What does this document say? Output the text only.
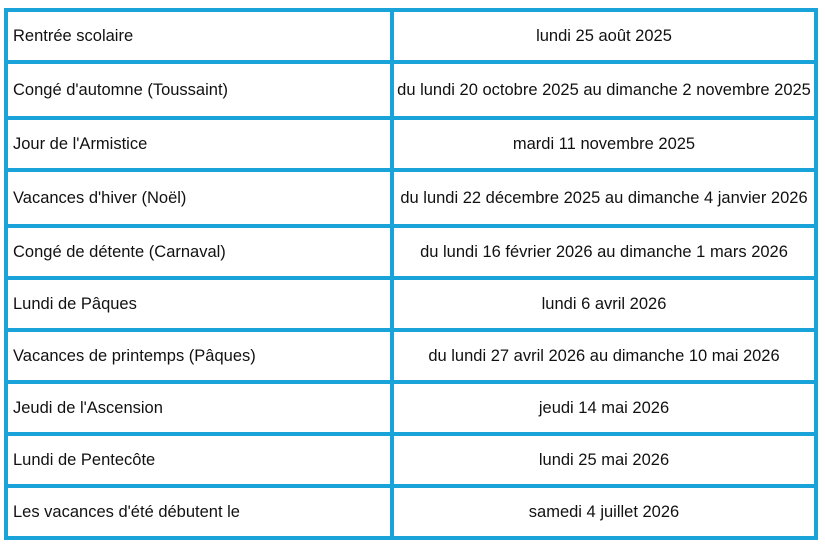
Rentrée scolaire	lundi 25 août 2025
Congé d'automne (Toussaint)	du lundi 20 octobre 2025 au dimanche 2 novembre 2025
Jour de l'Armistice	mardi 11 novembre 2025
Vacances d'hiver (Noël)	du lundi 22 décembre 2025 au dimanche 4 janvier 2026
Congé de détente (Carnaval)	du lundi 16 février 2026 au dimanche 1 mars 2026
Lundi de Pâques	lundi 6 avril 2026
Vacances de printemps (Pâques)	du lundi 27 avril 2026 au dimanche 10 mai 2026
Jeudi de l'Ascension	jeudi 14 mai 2026
Lundi de Pentecôte	lundi 25 mai 2026
Les vacances d'été débutent le	samedi 4 juillet 2026
